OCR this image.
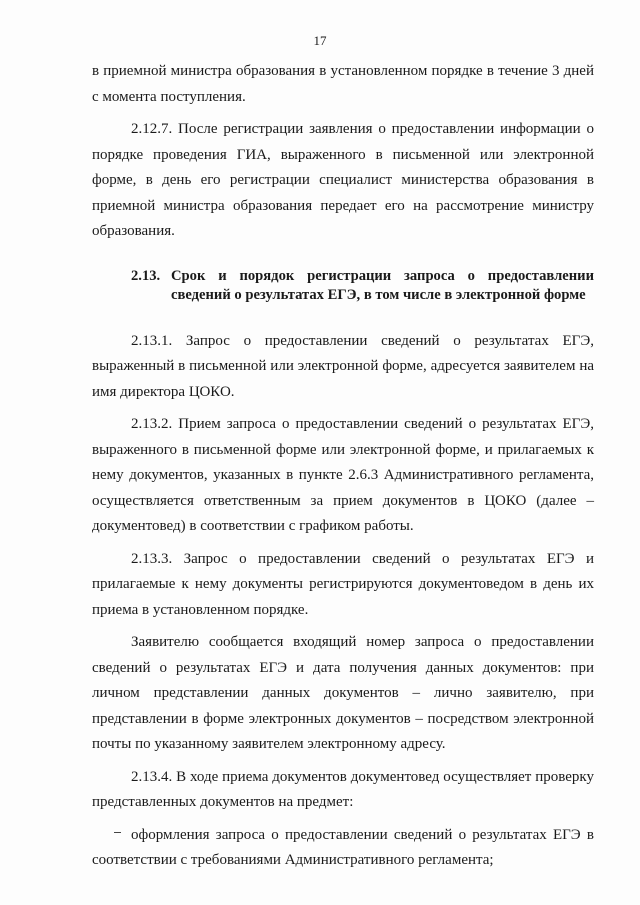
17

в приемной министра образования в установленном порядке в течение 3 дней с момента поступления.

2.12.7. После регистрации заявления о предоставлении информации о порядке проведения ГИА, выраженного в письменной или электронной форме, в день его регистрации специалист министерства образования в приемной министра образования передает его на рассмотрение министру образования.

2.13. Срок и порядок регистрации запроса о предоставлении сведений о результатах ЕГЭ, в том числе в электронной форме

2.13.1. Запрос о предоставлении сведений о результатах ЕГЭ, выраженный в письменной или электронной форме, адресуется заявителем на имя директора ЦОКО.

2.13.2. Прием запроса о предоставлении сведений о результатах ЕГЭ, выраженного в письменной форме или электронной форме, и прилагаемых к нему документов, указанных в пункте 2.6.3 Административного регламента, осуществляется ответственным за прием документов в ЦОКО (далее – документовед) в соответствии с графиком работы.

2.13.3. Запрос о предоставлении сведений о результатах ЕГЭ и прилагаемые к нему документы регистрируются документоведом в день их приема в установленном порядке.

Заявителю сообщается входящий номер запроса о предоставлении сведений о результатах ЕГЭ и дата получения данных документов: при личном представлении данных документов – лично заявителю, при представлении в форме электронных документов – посредством электронной почты по указанному заявителем электронному адресу.

2.13.4. В ходе приема документов документовед осуществляет проверку представленных документов на предмет:

оформления запроса о предоставлении сведений о результатах ЕГЭ в соответствии с требованиями Административного регламента;
